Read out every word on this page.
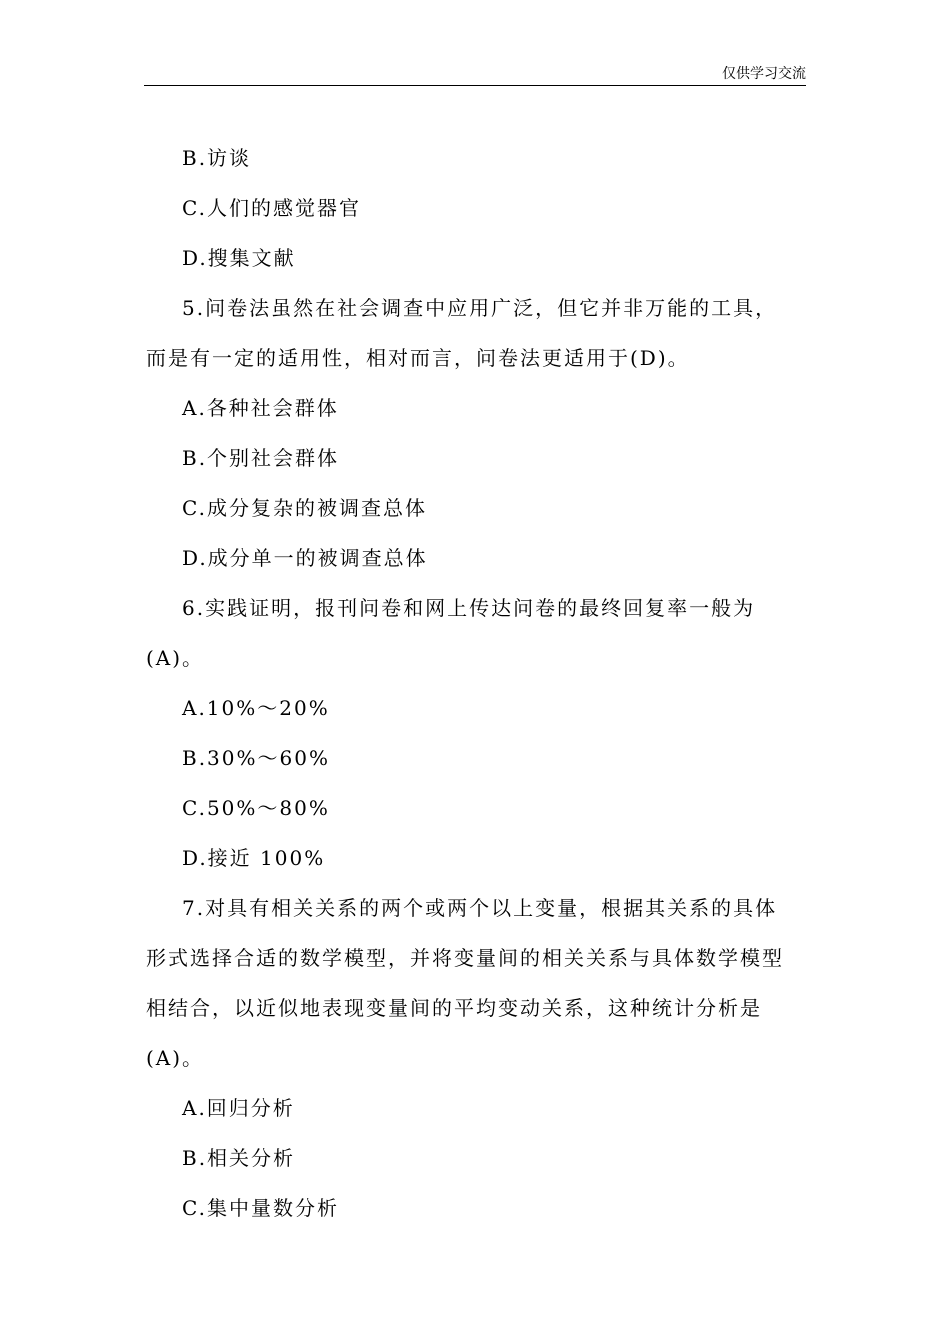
仅供学习交流
B.访谈
C.人们的感觉器官
D.搜集文献
5.问卷法虽然在社会调查中应用广泛，但它并非万能的工具，
而是有一定的适用性，相对而言，问卷法更适用于(D)。
A.各种社会群体
B.个别社会群体
C.成分复杂的被调查总体
D.成分单一的被调查总体
6.实践证明，报刊问卷和网上传达问卷的最终回复率一般为
(A)。
A.10%～20%
B.30%～60%
C.50%～80%
D.接近 100%
7.对具有相关关系的两个或两个以上变量，根据其关系的具体
形式选择合适的数学模型，并将变量间的相关关系与具体数学模型
相结合，以近似地表现变量间的平均变动关系，这种统计分析是
(A)。
A.回归分析
B.相关分析
C.集中量数分析
